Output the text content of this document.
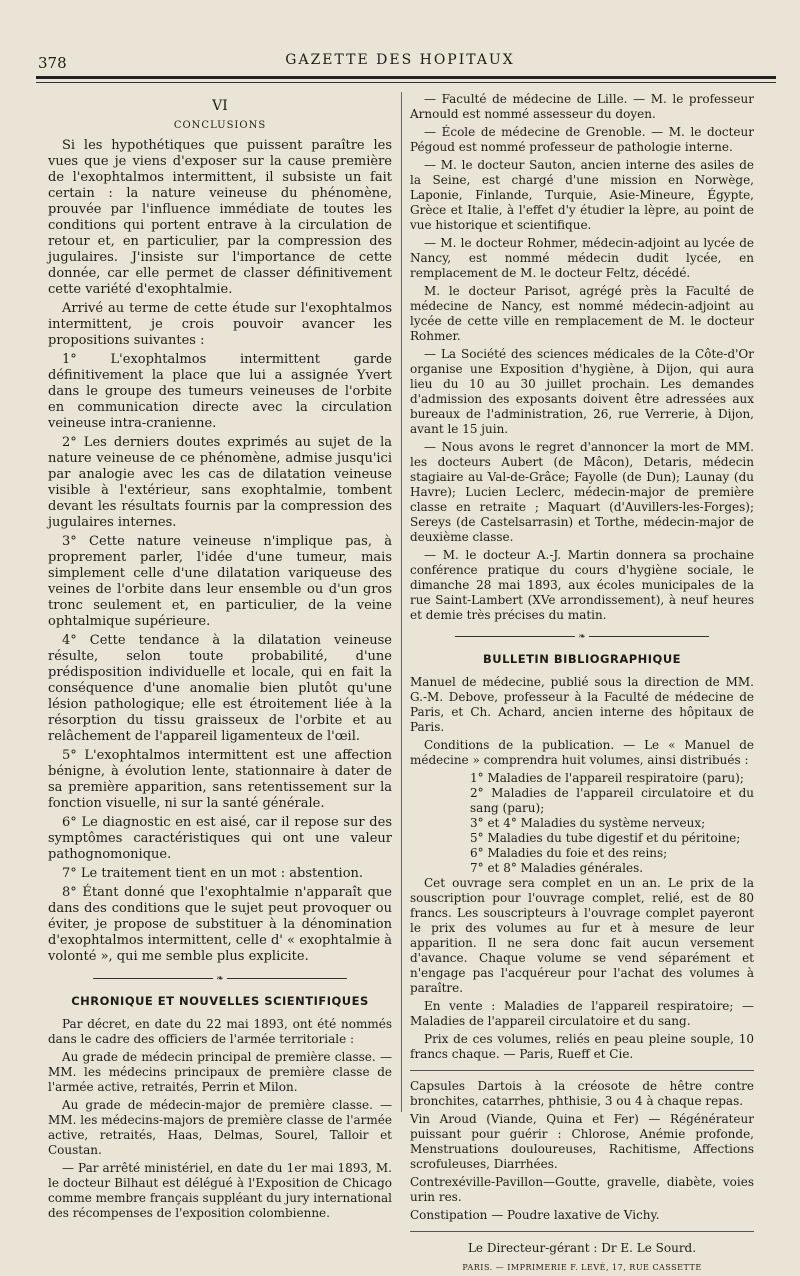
378	GAZETTE DES HOPITAUX
VI
CONCLUSIONS

Si les hypothétiques que puissent paraître les vues que je viens d'exposer sur la cause première de l'exophtalmos intermittent, il subsiste un fait certain : la nature veineuse du phénomène, prouvée par l'influence immédiate de toutes les conditions qui portent entrave à la circulation de retour et, en particulier, par la compression des jugulaires. J'insiste sur l'importance de cette donnée, car elle permet de classer définitivement cette variété d'exophtalmie.

Arrivé au terme de cette étude sur l'exophtalmos intermittent, je crois pouvoir avancer les propositions suivantes :

1° L'exophtalmos intermittent garde définitivement la place que lui a assignée Yvert dans le groupe des tumeurs veineuses de l'orbite en communication directe avec la circulation veineuse intra-cranienne.

2° Les derniers doutes exprimés au sujet de la nature veineuse de ce phénomène, admise jusqu'ici par analogie avec les cas de dilatation veineuse visible à l'extérieur, sans exophtalmie, tombent devant les résultats fournis par la compression des jugulaires internes.

3° Cette nature veineuse n'implique pas, à proprement parler, l'idée d'une tumeur, mais simplement celle d'une dilatation variqueuse des veines de l'orbite dans leur ensemble ou d'un gros tronc seulement et, en particulier, de la veine ophtalmique supérieure.

4° Cette tendance à la dilatation veineuse résulte, selon toute probabilité, d'une prédisposition individuelle et locale, qui en fait la conséquence d'une anomalie bien plutôt qu'une lésion pathologique; elle est étroitement liée à la résorption du tissu graisseux de l'orbite et au relâchement de l'appareil ligamenteux de l'œil.

5° L'exophtalmos intermittent est une affection bénigne, à évolution lente, stationnaire à dater de sa première apparition, sans retentissement sur la fonction visuelle, ni sur la santé générale.

6° Le diagnostic en est aisé, car il repose sur des symptômes caractéristiques qui ont une valeur pathognomonique.

7° Le traitement tient en un mot : abstention.

8° Étant donné que l'exophtalmie n'apparaît que dans des conditions que le sujet peut provoquer ou éviter, je propose de substituer à la dénomination d'exophtalmos intermittent, celle d' « exophtalmie à volonté », qui me semble plus explicite.

❧
CHRONIQUE ET NOUVELLES SCIENTIFIQUES

Par décret, en date du 22 mai 1893, ont été nommés dans le cadre des officiers de l'armée territoriale :

Au grade de médecin principal de première classe. — MM. les médecins principaux de première classe de l'armée active, retraités, Perrin et Milon.

Au grade de médecin-major de première classe. — MM. les médecins-majors de première classe de l'armée active, retraités, Haas, Delmas, Sourel, Talloir et Coustan.

— Par arrêté ministériel, en date du 1er mai 1893, M. le docteur Bilhaut est délégué à l'Exposition de Chicago comme membre français suppléant du jury international des récompenses de l'exposition colombienne.

— Faculté de médecine de Lille. — M. le professeur Arnould est nommé assesseur du doyen.

— École de médecine de Grenoble. — M. le docteur Pégoud est nommé professeur de pathologie interne.

— M. le docteur Sauton, ancien interne des asiles de la Seine, est chargé d'une mission en Norwège, Laponie, Finlande, Turquie, Asie-Mineure, Égypte, Grèce et Italie, à l'effet d'y étudier la lèpre, au point de vue historique et scientifique.

— M. le docteur Rohmer, médecin-adjoint au lycée de Nancy, est nommé médecin dudit lycée, en remplacement de M. le docteur Feltz, décédé.

M. le docteur Parisot, agrégé près la Faculté de médecine de Nancy, est nommé médecin-adjoint au lycée de cette ville en remplacement de M. le docteur Rohmer.

— La Société des sciences médicales de la Côte-d'Or organise une Exposition d'hygiène, à Dijon, qui aura lieu du 10 au 30 juillet prochain. Les demandes d'admission des exposants doivent être adressées aux bureaux de l'administration, 26, rue Verrerie, à Dijon, avant le 15 juin.

— Nous avons le regret d'annoncer la mort de MM. les docteurs Aubert (de Mâcon), Detaris, médecin stagiaire au Val-de-Grâce; Fayolle (de Dun); Launay (du Havre); Lucien Leclerc, médecin-major de première classe en retraite ; Maquart (d'Auvillers-les-Forges); Sereys (de Castelsarrasin) et Torthe, médecin-major de deuxième classe.

— M. le docteur A.-J. Martin donnera sa prochaine conférence pratique du cours d'hygiène sociale, le dimanche 28 mai 1893, aux écoles municipales de la rue Saint-Lambert (XVe arrondissement), à neuf heures et demie très précises du matin.

❧
BULLETIN BIBLIOGRAPHIQUE

Manuel de médecine, publié sous la direction de MM. G.-M. Debove, professeur à la Faculté de médecine de Paris, et Ch. Achard, ancien interne des hôpitaux de Paris.

Conditions de la publication. — Le « Manuel de médecine » comprendra huit volumes, ainsi distribués :

1° Maladies de l'appareil respiratoire (paru);

2° Maladies de l'appareil circulatoire et du sang (paru);

3° et 4° Maladies du système nerveux;

5° Maladies du tube digestif et du péritoine;

6° Maladies du foie et des reins;

7° et 8° Maladies générales.

Cet ouvrage sera complet en un an. Le prix de la souscription pour l'ouvrage complet, relié, est de 80 francs. Les souscripteurs à l'ouvrage complet payeront le prix des volumes au fur et à mesure de leur apparition. Il ne sera donc fait aucun versement d'avance. Chaque volume se vend séparément et n'engage pas l'acquéreur pour l'achat des volumes à paraître.

En vente : Maladies de l'appareil respiratoire; — Maladies de l'appareil circulatoire et du sang.

Prix de ces volumes, reliés en peau pleine souple, 10 francs chaque. — Paris, Rueff et Cie.

Capsules Dartois à la créosote de hêtre contre bronchites, catarrhes, phthisie, 3 ou 4 à chaque repas.

Vin Aroud (Viande, Quina et Fer) — Régénérateur puissant pour guérir : Chlorose, Anémie profonde, Menstruations douloureuses, Rachitisme, Affections scrofuleuses, Diarrhées.

Contrexéville-Pavillon—Goutte, gravelle, diabète, voies urin res.

Constipation — Poudre laxative de Vichy.

Le Directeur-gérant : Dr E. Le Sourd.
PARIS. — IMPRIMERIE F. LEVÉ, 17, RUE CASSETTE
